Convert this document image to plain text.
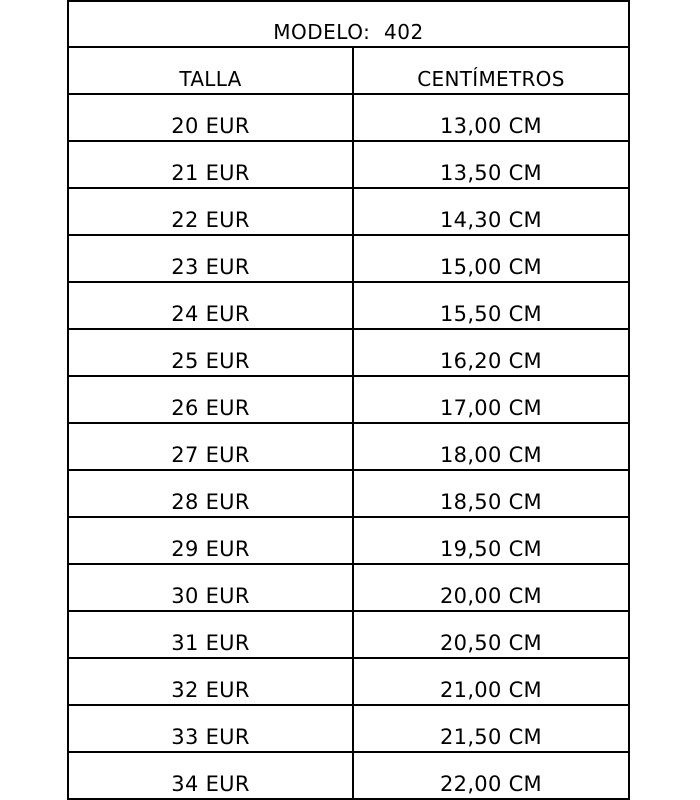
MODELO:  402
TALLA	CENTÍMETROS
20 EUR	13,00 CM
21 EUR	13,50 CM
22 EUR	14,30 CM
23 EUR	15,00 CM
24 EUR	15,50 CM
25 EUR	16,20 CM
26 EUR	17,00 CM
27 EUR	18,00 CM
28 EUR	18,50 CM
29 EUR	19,50 CM
30 EUR	20,00 CM
31 EUR	20,50 CM
32 EUR	21,00 CM
33 EUR	21,50 CM
34 EUR	22,00 CM
